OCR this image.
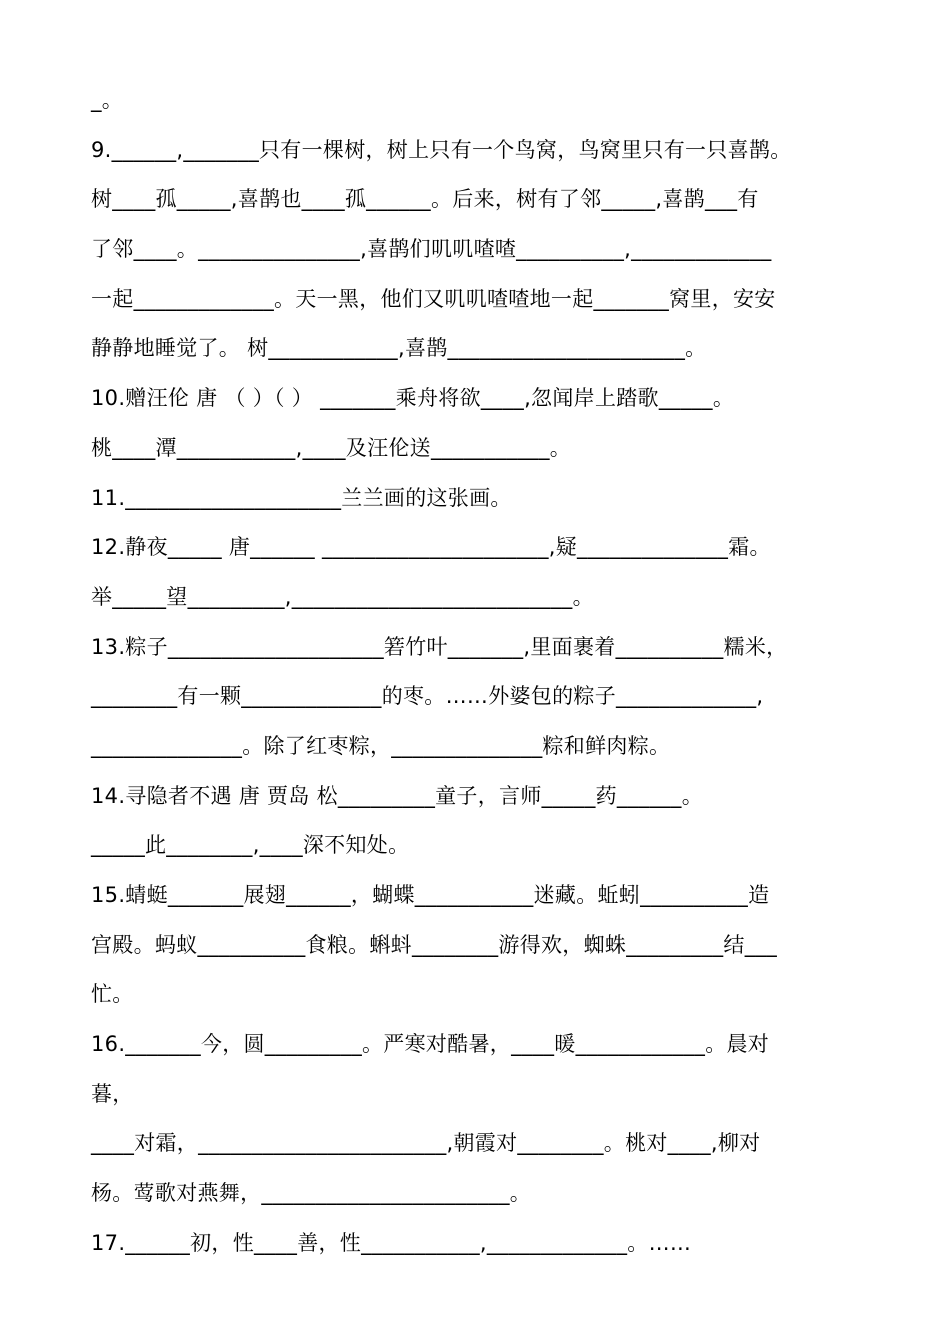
_。
9.______,_______只有一棵树，树上只有一个鸟窝，鸟窝里只有一只喜鹊。
树____孤_____,喜鹊也____孤______。后来，树有了邻_____,喜鹊___有
了邻____。_______________,喜鹊们叽叽喳喳__________,_____________
一起_____________。天一黑，他们又叽叽喳喳地一起_______窝里，安安
静静地睡觉了。 树____________,喜鹊______________________。
10.赠汪伦 唐 （ ）（ ） _______乘舟将欲____,忽闻岸上踏歌_____。
桃____潭___________,____及汪伦送___________。
11.____________________兰兰画的这张画。
12.静夜_____ 唐______ _____________________,疑______________霜。
举_____望_________,__________________________。
13.粽子____________________箬竹叶_______,里面裹着__________糯米，
________有一颗_____________的枣。……外婆包的粽子_____________,
______________。除了红枣粽，______________粽和鲜肉粽。
14.寻隐者不遇 唐 贾岛 松_________童子，言师_____药______。
_____此________,____深不知处。
15.蜻蜓_______展翅______，蝴蝶___________迷藏。蚯蚓__________造
宫殿。蚂蚁__________食粮。蝌蚪________游得欢，蜘蛛_________结___
忙。
16._______今，圆_________。严寒对酷暑，____暖____________。晨对
暮，
____对霜，_______________________,朝霞对________。桃对____,柳对
杨。莺歌对燕舞，_______________________。
17.______初，性____善，性___________,_____________。……
